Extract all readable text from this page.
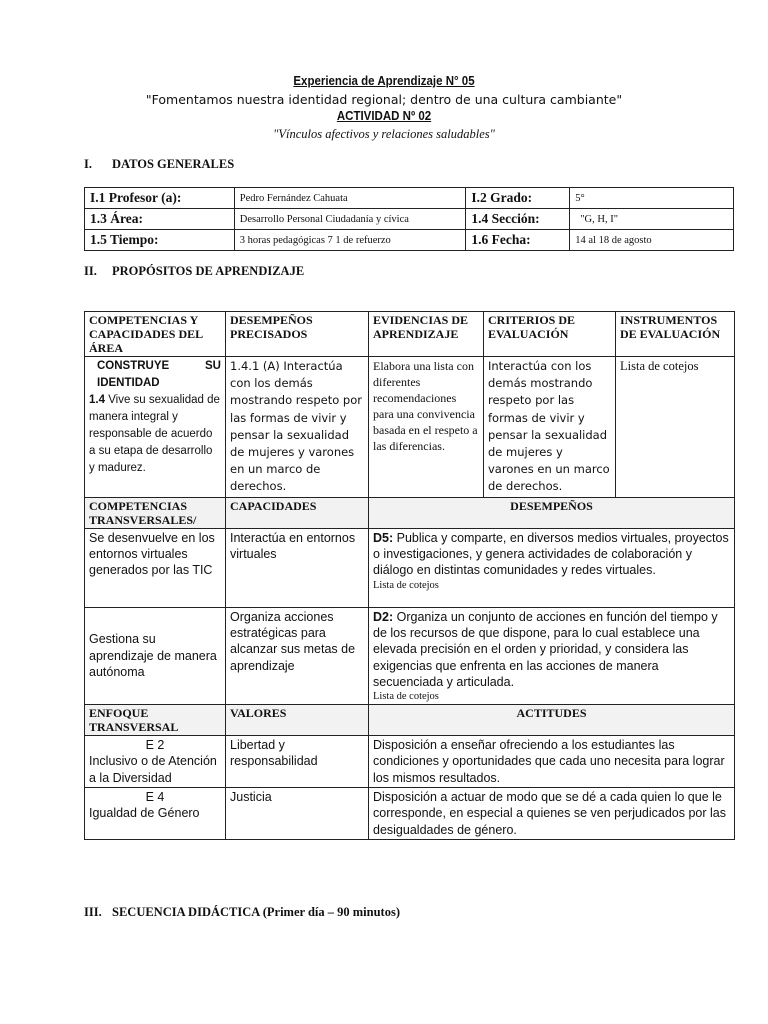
Experiencia de Aprendizaje N° 05
"Fomentamos nuestra identidad regional; dentro de una cultura cambiante"
ACTIVIDAD Nº 02
"Vínculos afectivos y relaciones saludables"
I. DATOS GENERALES
I.1 Profesor (a):	Pedro Fernández Cahuata	I.2 Grado:	5°
1.3 Área:	Desarrollo Personal Ciudadanía y cívica	1.4 Sección:	"G, H, I"
1.5 Tiempo:	3 horas pedagógicas 7 1 de refuerzo	1.6 Fecha:	14 al 18 de agosto
II. PROPÓSITOS DE APRENDIZAJE
COMPETENCIAS Y CAPACIDADES DEL ÁREA	DESEMPEÑOS PRECISADOS	EVIDENCIAS DE APRENDIZAJE	CRITERIOS DE EVALUACIÓN	INSTRUMENTOS DE EVALUACIÓN

CONSTRUYE SU
IDENTIDAD
1.4 Vive su sexualidad de manera integral y responsable de acuerdo a su etapa de desarrollo y madurez.	1.4.1 (A) Interactúa con los demás mostrando respeto por las formas de vivir y pensar la sexualidad de mujeres y varones en un marco de derechos.	Elabora una lista con diferentes recomendaciones para una convivencia basada en el respeto a las diferencias.	Interactúa con los demás mostrando respeto por las formas de vivir y pensar la sexualidad de mujeres y varones en un marco de derechos.	Lista de cotejos
COMPETENCIAS TRANSVERSALES/	CAPACIDADES	DESEMPEÑOS		
Se desenvuelve en los entornos virtuales generados por las TIC	Interactúa en entornos virtuales	D5: Publica y comparte, en diversos medios virtuales, proyectos o investigaciones, y genera actividades de colaboración y diálogo en distintas comunidades y redes virtuales.
Lista de cotejos		

Gestiona su aprendizaje de manera autónoma	Organiza acciones estratégicas para alcanzar sus metas de aprendizaje	D2: Organiza un conjunto de acciones en función del tiempo y de los recursos de que dispone, para lo cual establece una elevada precisión en el orden y prioridad, y considera las exigencias que enfrenta en las acciones de manera secuenciada y articulada.
Lista de cotejos		

ENFOQUE TRANSVERSAL	VALORES	ACTITUDES		

E 2
Inclusivo o de Atención a la Diversidad	Libertad y responsabilidad	Disposición a enseñar ofreciendo a los estudiantes las condiciones y oportunidades que cada uno necesita para lograr los mismos resultados.		

E 4
Igualdad de Género	Justicia	Disposición a actuar de modo que se dé a cada quien lo que le corresponde, en especial a quienes se ven perjudicados por las desigualdades de género.		
III. SECUENCIA DIDÁCTICA (Primer día – 90 minutos)
